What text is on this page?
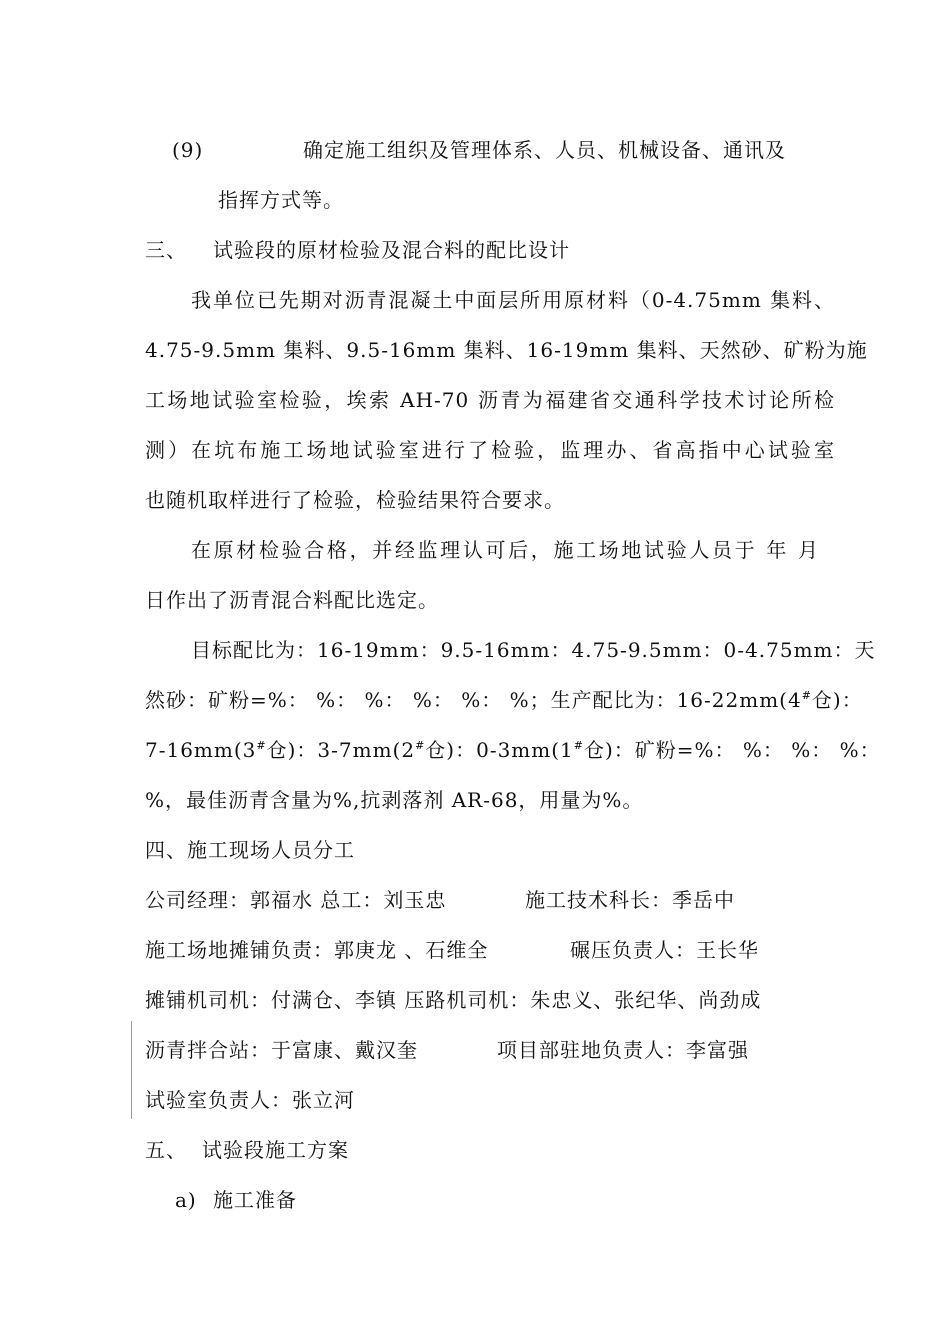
(9)	确定施工组织及管理体系、人员、机械设备、通讯及
指挥方式等。
三、 试验段的原材检验及混合料的配比设计
我单位已先期对沥青混凝土中面层所用原材料（0-4.75mm 集料、
4.75-9.5mm 集料、9.5-16mm 集料、16-19mm 集料、天然砂、矿粉为施
工场地试验室检验，埃索 AH-70 沥青为福建省交通科学技术讨论所检
测）在坑布施工场地试验室进行了检验，监理办、省高指中心试验室
也随机取样进行了检验，检验结果符合要求。
在原材检验合格，并经监理认可后，施工场地试验人员于 年 月
日作出了沥青混合料配比选定。
目标配比为：16-19mm：9.5-16mm：4.75-9.5mm：0-4.75mm：天
然砂：矿粉=%： %： %： %： %： %；生产配比为：16-22mm(4#仓)：
7-16mm(3#仓)：3-7mm(2#仓)：0-3mm(1#仓)：矿粉=%： %： %： %：
%，最佳沥青含量为%,抗剥落剂 AR-68，用量为%。
四、施工现场人员分工
公司经理：郭福水 总工：刘玉忠	施工技术科长：季岳中
施工场地摊铺负责：郭庚龙 、石维全	碾压负责人：王长华
摊铺机司机：付满仓、李镇 压路机司机：朱忠义、张纪华、尚劲成
沥青拌合站：于富康、戴汉奎	项目部驻地负责人：李富强
试验室负责人：张立河
五、 试验段施工方案
a) 施工准备
